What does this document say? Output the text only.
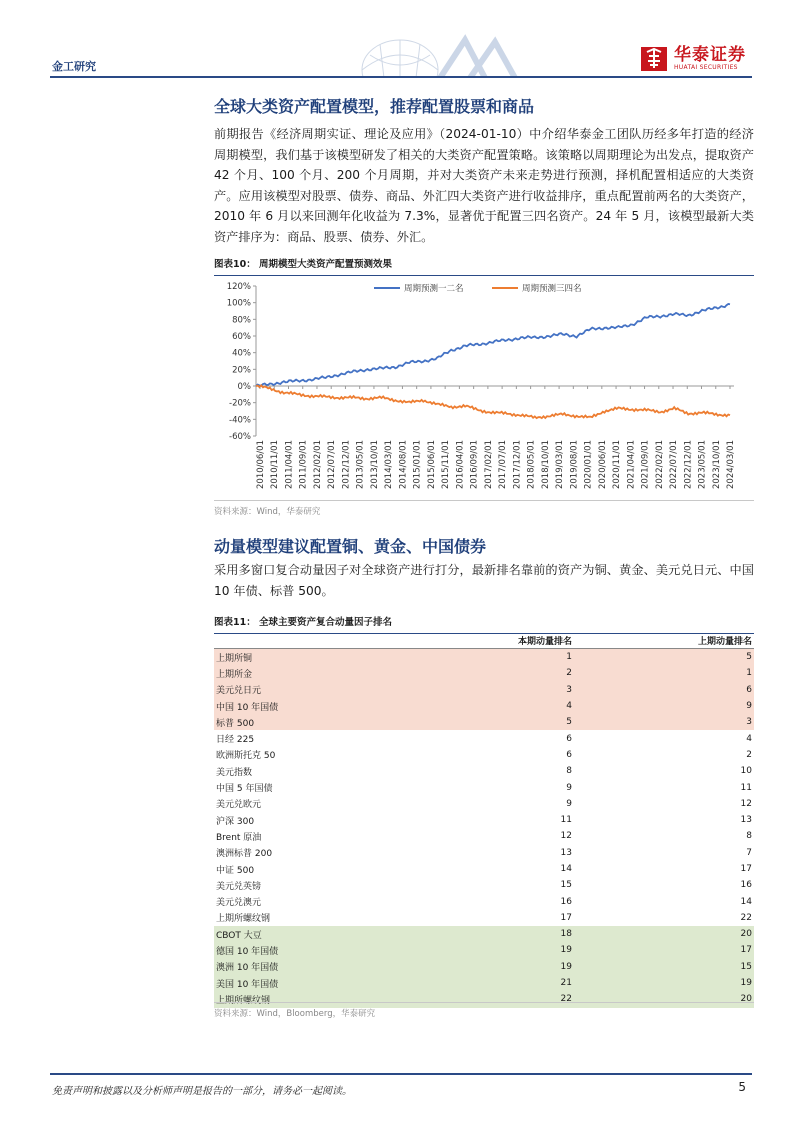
金工研究
华泰证券
HUATAI SECURITIES
全球大类资产配置模型，推荐配置股票和商品
前期报告《经济周期实证、理论及应用》（2024-01-10）中介绍华泰金工团队历经多年打造的经济周期模型，我们基于该模型研发了相关的大类资产配置策略。该策略以周期理论为出发点，提取资产 42 个月、100 个月、200 个月周期，并对大类资产未来走势进行预测，择机配置相适应的大类资产。应用该模型对股票、债券、商品、外汇四大类资产进行收益排序，重点配置前两名的大类资产，2010 年 6 月以来回测年化收益为 7.3%，显著优于配置三四名资产。24 年 5 月，该模型最新大类资产排序为：商品、股票、债券、外汇。
图表10： 周期模型大类资产配置预测效果
120%
100%
80%
60%
40%
20%
0%
-20%
-40%
-60%
2010/06/01 2010/11/01 2011/04/01 2011/09/01 2012/02/01 2012/07/01 2012/12/01 2013/05/01 2013/10/01 2014/03/01 2014/08/01 2015/01/01 2015/06/01 2015/11/01 2016/04/01 2016/09/01 2017/02/01 2017/07/01 2017/12/01 2018/05/01 2018/10/01 2019/03/01 2019/08/01 2020/01/01 2020/06/01 2020/11/01 2021/04/01 2021/09/01 2022/02/01 2022/07/01 2022/12/01 2023/05/01 2023/10/01 2024/03/01
周期预测一二名	周期预测三四名
资料来源：Wind，华泰研究
动量模型建议配置铜、黄金、中国债券
采用多窗口复合动量因子对全球资产进行打分，最新排名靠前的资产为铜、黄金、美元兑日元、中国 10 年债、标普 500。
图表11： 全球主要资产复合动量因子排名
本期动量排名	上期动量排名
上期所铜	1	5
上期所金	2	1
美元兑日元	3	6
中国 10 年国债	4	9
标普 500	5	3
日经 225	6	4
欧洲斯托克 50	6	2
美元指数	8	10
中国 5 年国债	9	11
美元兑欧元	9	12
沪深 300	11	13
Brent 原油	12	8
澳洲标普 200	13	7
中证 500	14	17
美元兑英镑	15	16
美元兑澳元	16	14
上期所螺纹钢	17	22
CBOT 大豆	18	20
德国 10 年国债	19	17
澳洲 10 年国债	19	15
美国 10 年国债	21	19
上期所螺纹钢	22	20
资料来源：Wind，Bloomberg，华泰研究
免责声明和披露以及分析师声明是报告的一部分，请务必一起阅读。	5
